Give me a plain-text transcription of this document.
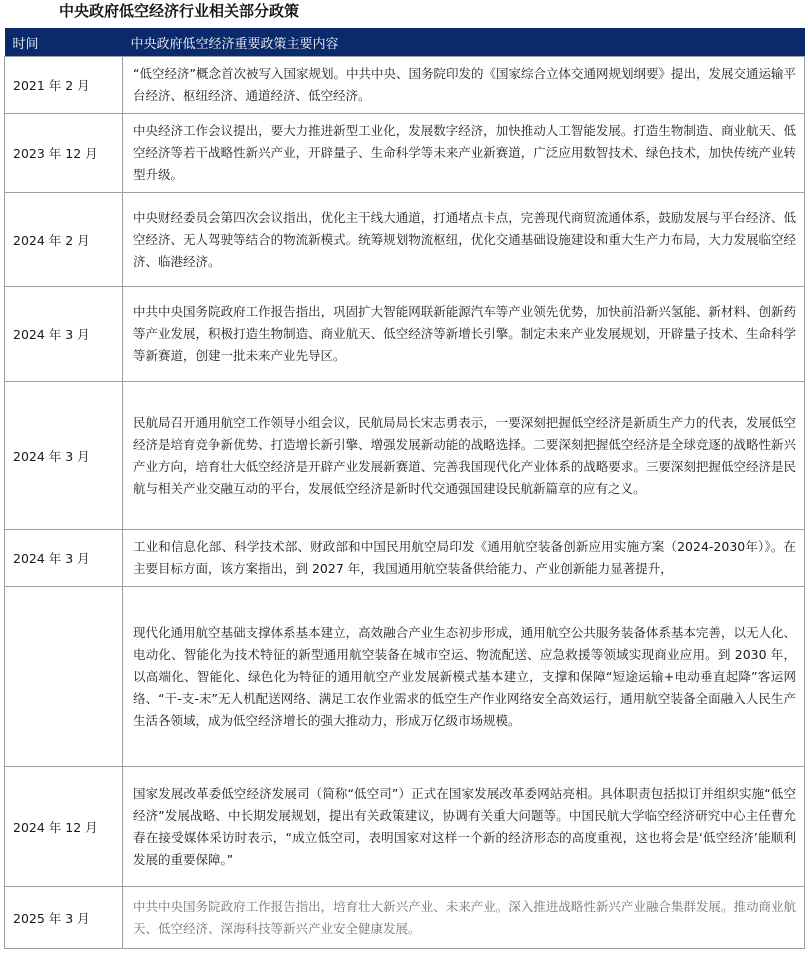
中央政府低空经济行业相关部分政策
时间	中央政府低空经济重要政策主要内容
2021 年 2 月	“低空经济”概念首次被写入国家规划。中共中央、国务院印发的《国家综合立体交通网规划纲要》提出，发展交通运输平台经济、枢纽经济、通道经济、低空经济。
2023 年 12 月	中央经济工作会议提出，要大力推进新型工业化，发展数字经济，加快推动人工智能发展。打造生物制造、商业航天、低空经济等若干战略性新兴产业，开辟量子、生命科学等未来产业新赛道，广泛应用数智技术、绿色技术，加快传统产业转型升级。
2024 年 2 月	中央财经委员会第四次会议指出，优化主干线大通道，打通堵点卡点，完善现代商贸流通体系，鼓励发展与平台经济、低空经济、无人驾驶等结合的物流新模式。统筹规划物流枢纽，优化交通基础设施建设和重大生产力布局，大力发展临空经济、临港经济。
2024 年 3 月	中共中央国务院政府工作报告指出，巩固扩大智能网联新能源汽车等产业领先优势，加快前沿新兴氢能、新材料、创新药等产业发展，积极打造生物制造、商业航天、低空经济等新增长引擎。制定未来产业发展规划，开辟量子技术、生命科学等新赛道，创建一批未来产业先导区。
2024 年 3 月	民航局召开通用航空工作领导小组会议，民航局局长宋志勇表示，一要深刻把握低空经济是新质生产力的代表，发展低空经济是培育竞争新优势、打造增长新引擎、增强发展新动能的战略选择。二要深刻把握低空经济是全球竞逐的战略性新兴产业方向，培育壮大低空经济是开辟产业发展新赛道、完善我国现代化产业体系的战略要求。三要深刻把握低空经济是民航与相关产业交融互动的平台，发展低空经济是新时代交通强国建设民航新篇章的应有之义。
2024 年 3 月	工业和信息化部、科学技术部、财政部和中国民用航空局印发《通用航空装备创新应用实施方案（2024-2030年）》。在主要目标方面，该方案指出，到 2027 年，我国通用航空装备供给能力、产业创新能力显著提升，
	现代化通用航空基础支撑体系基本建立，高效融合产业生态初步形成，通用航空公共服务装备体系基本完善，以无人化、电动化、智能化为技术特征的新型通用航空装备在城市空运、物流配送、应急救援等领域实现商业应用。到 2030 年，以高端化、智能化、绿色化为特征的通用航空产业发展新模式基本建立，支撑和保障“短途运输+电动垂直起降”客运网络、“干-支-末”无人机配送网络、满足工农作业需求的低空生产作业网络安全高效运行，通用航空装备全面融入人民生产生活各领域，成为低空经济增长的强大推动力，形成万亿级市场规模。
2024 年 12 月	国家发展改革委低空经济发展司（简称“低空司”）正式在国家发展改革委网站亮相。具体职责包括拟订并组织实施“低空经济”发展战略、中长期发展规划，提出有关政策建议，协调有关重大问题等。中国民航大学临空经济研究中心主任曹允春在接受媒体采访时表示，“成立低空司，表明国家对这样一个新的经济形态的高度重视，这也将会是‘低空经济’能顺利发展的重要保障。”
2025 年 3 月	中共中央国务院政府工作报告指出，培育壮大新兴产业、未来产业。深入推进战略性新兴产业融合集群发展。推动商业航天、低空经济、深海科技等新兴产业安全健康发展。
